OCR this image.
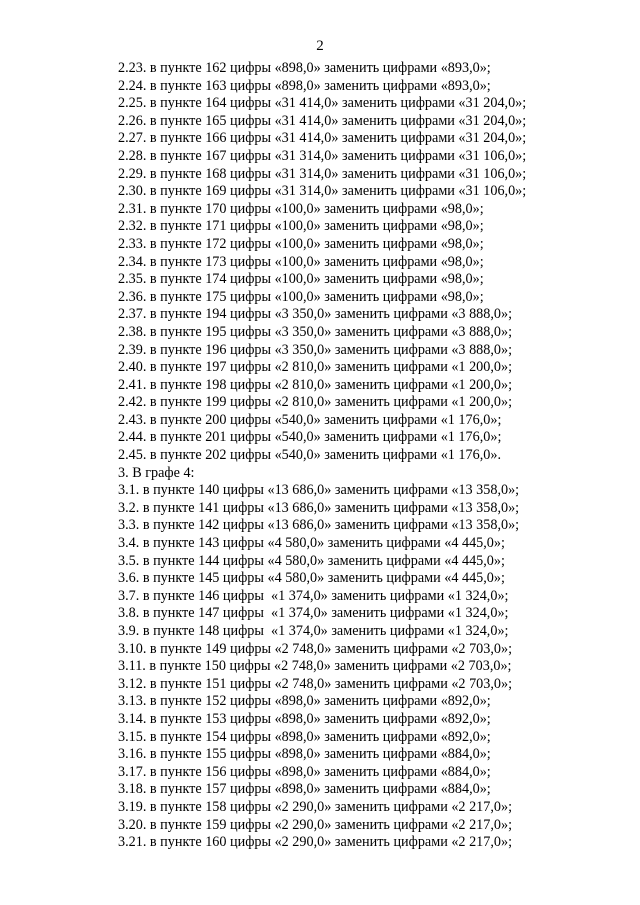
2
2.23. в пункте 162 цифры «898,0» заменить цифрами «893,0»;
2.24. в пункте 163 цифры «898,0» заменить цифрами «893,0»;
2.25. в пункте 164 цифры «31 414,0» заменить цифрами «31 204,0»;
2.26. в пункте 165 цифры «31 414,0» заменить цифрами «31 204,0»;
2.27. в пункте 166 цифры «31 414,0» заменить цифрами «31 204,0»;
2.28. в пункте 167 цифры «31 314,0» заменить цифрами «31 106,0»;
2.29. в пункте 168 цифры «31 314,0» заменить цифрами «31 106,0»;
2.30. в пункте 169 цифры «31 314,0» заменить цифрами «31 106,0»;
2.31. в пункте 170 цифры «100,0» заменить цифрами «98,0»;
2.32. в пункте 171 цифры «100,0» заменить цифрами «98,0»;
2.33. в пункте 172 цифры «100,0» заменить цифрами «98,0»;
2.34. в пункте 173 цифры «100,0» заменить цифрами «98,0»;
2.35. в пункте 174 цифры «100,0» заменить цифрами «98,0»;
2.36. в пункте 175 цифры «100,0» заменить цифрами «98,0»;
2.37. в пункте 194 цифры «3 350,0» заменить цифрами «3 888,0»;
2.38. в пункте 195 цифры «3 350,0» заменить цифрами «3 888,0»;
2.39. в пункте 196 цифры «3 350,0» заменить цифрами «3 888,0»;
2.40. в пункте 197 цифры «2 810,0» заменить цифрами «1 200,0»;
2.41. в пункте 198 цифры «2 810,0» заменить цифрами «1 200,0»;
2.42. в пункте 199 цифры «2 810,0» заменить цифрами «1 200,0»;
2.43. в пункте 200 цифры «540,0» заменить цифрами «1 176,0»;
2.44. в пункте 201 цифры «540,0» заменить цифрами «1 176,0»;
2.45. в пункте 202 цифры «540,0» заменить цифрами «1 176,0».
3. В графе 4:
3.1. в пункте 140 цифры «13 686,0» заменить цифрами «13 358,0»;
3.2. в пункте 141 цифры «13 686,0» заменить цифрами «13 358,0»;
3.3. в пункте 142 цифры «13 686,0» заменить цифрами «13 358,0»;
3.4. в пункте 143 цифры «4 580,0» заменить цифрами «4 445,0»;
3.5. в пункте 144 цифры «4 580,0» заменить цифрами «4 445,0»;
3.6. в пункте 145 цифры «4 580,0» заменить цифрами «4 445,0»;
3.7. в пункте 146 цифры  «1 374,0» заменить цифрами «1 324,0»;
3.8. в пункте 147 цифры  «1 374,0» заменить цифрами «1 324,0»;
3.9. в пункте 148 цифры  «1 374,0» заменить цифрами «1 324,0»;
3.10. в пункте 149 цифры «2 748,0» заменить цифрами «2 703,0»;
3.11. в пункте 150 цифры «2 748,0» заменить цифрами «2 703,0»;
3.12. в пункте 151 цифры «2 748,0» заменить цифрами «2 703,0»;
3.13. в пункте 152 цифры «898,0» заменить цифрами «892,0»;
3.14. в пункте 153 цифры «898,0» заменить цифрами «892,0»;
3.15. в пункте 154 цифры «898,0» заменить цифрами «892,0»;
3.16. в пункте 155 цифры «898,0» заменить цифрами «884,0»;
3.17. в пункте 156 цифры «898,0» заменить цифрами «884,0»;
3.18. в пункте 157 цифры «898,0» заменить цифрами «884,0»;
3.19. в пункте 158 цифры «2 290,0» заменить цифрами «2 217,0»;
3.20. в пункте 159 цифры «2 290,0» заменить цифрами «2 217,0»;
3.21. в пункте 160 цифры «2 290,0» заменить цифрами «2 217,0»;
